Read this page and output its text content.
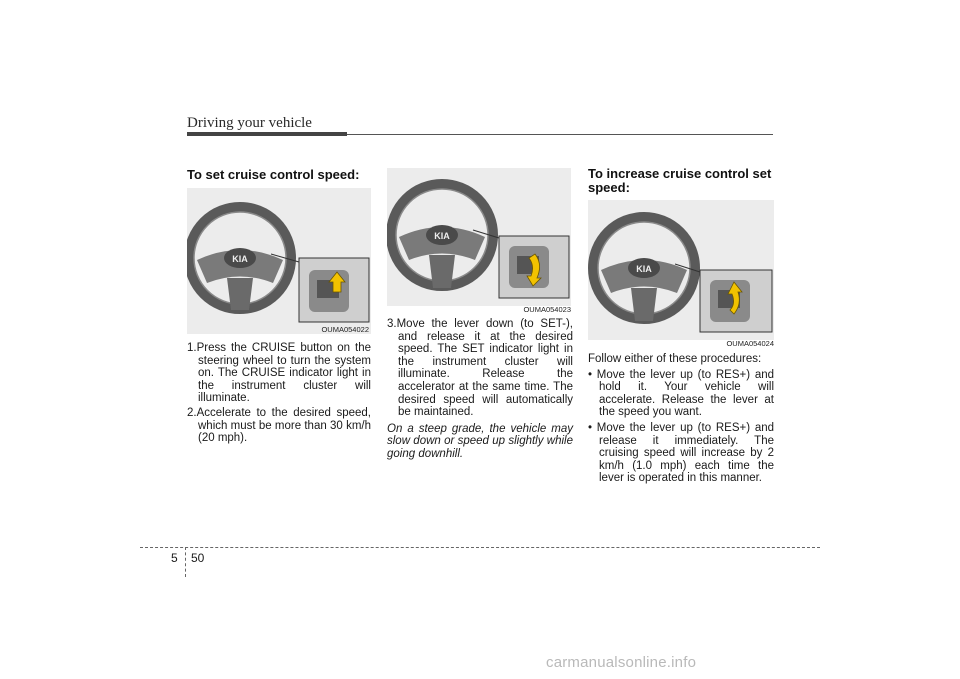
Driving your vehicle
To set cruise control speed:
KIA
OUMA054022

1.Press the CRUISE button on the steering wheel to turn the system on. The CRUISE indicator light in the instrument cluster will illuminate.

2.Accelerate to the desired speed, which must be more than 30 km/h (20 mph).

KIA
OUMA054023

3.Move the lever down (to SET-), and release it at the desired speed. The SET indicator light in the instrument cluster will illuminate. Release the accelerator at the same time. The desired speed will automatically be maintained.

On a steep grade, the vehicle may slow down or speed up slightly while going downhill.

To increase cruise control set speed:
KIA
OUMA054024

Follow either of these procedures:

• Move the lever up (to RES+) and hold it. Your vehicle will accelerate. Release the lever at the speed you want.

• Move the lever up (to RES+) and release it immediately. The cruising speed will increase by 2 km/h (1.0 mph) each time the lever is operated in this manner.

5 50
carmanualsonline.info
